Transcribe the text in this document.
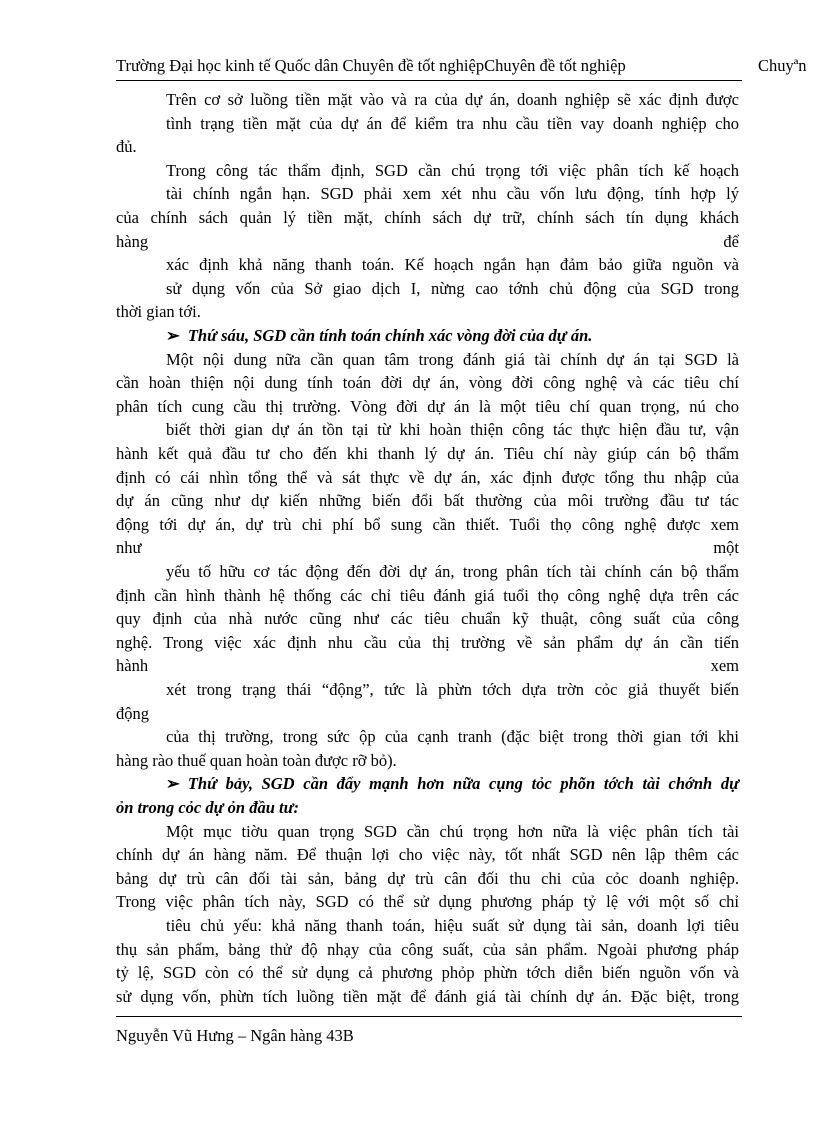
Trường Đại học kinh tế Quốc dân Chuyên đề tốt nghiệpChuyên đề tốt nghiệp	Chuyªn
Trên cơ sở luồng tiền mặt vào và ra của dự án, doanh nghiệp sẽ xác định được
tình trạng tiền mặt của dự án để kiểm tra nhu cầu tiền vay doanh nghiệp cho
đủ.
Trong công tác thẩm định, SGD cần chú trọng tới việc phân tích kế hoạch
tài chính ngắn hạn. SGD phải xem xét nhu cầu vốn lưu động, tính hợp lý
của chính sách quản lý tiền mặt, chính sách dự trữ, chính sách tín dụng khách
hàng	để
xác định khả năng thanh toán. Kế hoạch ngắn hạn đảm bảo giữa nguồn và
sử dụng vốn của Sở giao dịch I, nừng cao tớnh chủ động của SGD trong
thời gian tới.
➢ Thứ sáu, SGD cần tính toán chính xác vòng đời của dự án.
Một nội dung nữa cần quan tâm trong đánh giá tài chính dự án tại SGD là
cần hoàn thiện nội dung tính toán đời dự án, vòng đời công nghệ và các tiêu chí
phân tích cung cầu thị trường. Vòng đời dự án là một tiêu chí quan trọng, nú cho
biết thời gian dự án tồn tại từ khi hoàn thiện công tác thực hiện đầu tư, vận
hành kết quả đầu tư cho đến khi thanh lý dự án. Tiêu chí này giúp cán bộ thẩm
định có cái nhìn tổng thể và sát thực về dự án, xác định được tổng thu nhập của
dự án cũng như dự kiến những biến đổi bất thường của môi trường đầu tư tác
động tới dự án, dự trù chi phí bổ sung cần thiết. Tuổi thọ công nghệ được xem
như	một
yếu tố hữu cơ tác động đến đời dự án, trong phân tích tài chính cán bộ thẩm
định cần hình thành hệ thống các chỉ tiêu đánh giá tuổi thọ công nghệ dựa trên các
quy định của nhà nước cũng như các tiêu chuẩn kỹ thuật, công suất của công
nghệ. Trong việc xác định nhu cầu của thị trường về sản phẩm dự án cần tiến
hành	xem
xét trong trạng thái “động”, tức là phừn tớch dựa trờn cỏc giả thuyết biến
động
của thị trường, trong sức ộp của cạnh tranh (đặc biệt trong thời gian tới khi
hàng rào thuế quan hoàn toàn được rỡ bỏ).
➢ Thứ bảy, SGD cần đẩy mạnh hơn nữa cụng tỏc phõn tớch tài chớnh dự
ỏn trong cỏc dự ỏn đầu tư:
Một mục tiờu quan trọng SGD cần chú trọng hơn nữa là việc phân tích tài
chính dự án hàng năm. Để thuận lợi cho việc này, tốt nhất SGD nên lập thêm các
bảng dự trù cân đối tài sản, bảng dự trù cân đối thu chi của cỏc doanh nghiệp.
Trong việc phân tích này, SGD có thể sử dụng phương pháp tỷ lệ với một số chỉ
tiêu chủ yếu: khả năng thanh toán, hiệu suất sử dụng tài sản, doanh lợi tiêu
thụ sản phẩm, bảng thử độ nhạy của công suất, của sản phẩm. Ngoài phương pháp
tỷ lệ, SGD còn có thể sử dụng cả phương phỏp phừn tớch diễn biến nguồn vốn và
sử dụng vốn, phừn tích luồng tiền mặt để đánh giá tài chính dự án. Đặc biệt, trong
Nguyễn Vũ Hưng – Ngân hàng 43B
